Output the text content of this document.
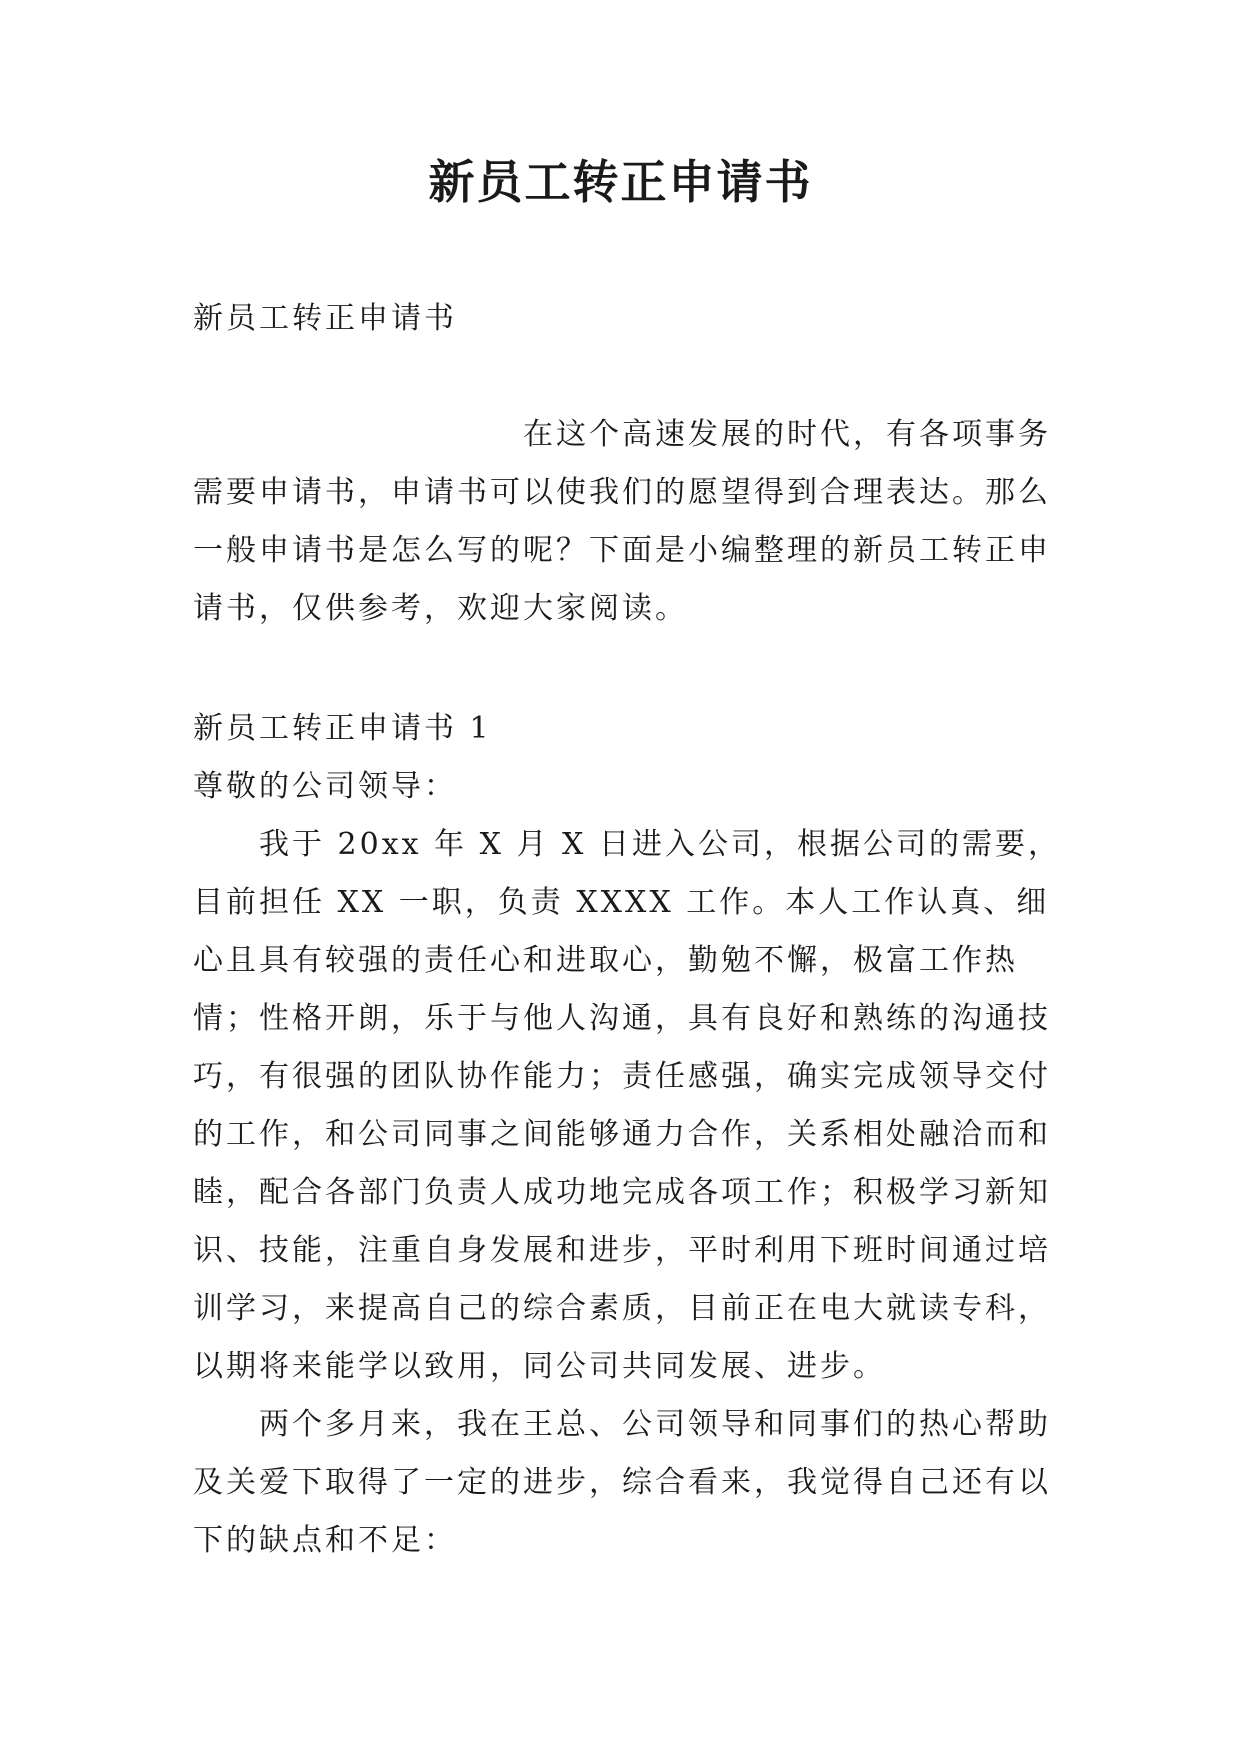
新员工转正申请书

新员工转正申请书

在这个高速发展的时代，有各项事务需要申请书，申请书可以使我们的愿望得到合理表达。那么一般申请书是怎么写的呢？下面是小编整理的新员工转正申请书，仅供参考，欢迎大家阅读。

新员工转正申请书 1

尊敬的公司领导：

我于 20xx 年 X 月 X 日进入公司，根据公司的需要，目前担任 XX 一职，负责 XXXX 工作。本人工作认真、细心且具有较强的责任心和进取心，勤勉不懈，极富工作热情；性格开朗，乐于与他人沟通，具有良好和熟练的沟通技巧，有很强的团队协作能力；责任感强，确实完成领导交付的工作，和公司同事之间能够通力合作，关系相处融洽而和睦，配合各部门负责人成功地完成各项工作；积极学习新知识、技能，注重自身发展和进步，平时利用下班时间通过培训学习，来提高自己的综合素质，目前正在电大就读专科，以期将来能学以致用，同公司共同发展、进步。

两个多月来，我在王总、公司领导和同事们的热心帮助及关爱下取得了一定的进步，综合看来，我觉得自己还有以下的缺点和不足：
